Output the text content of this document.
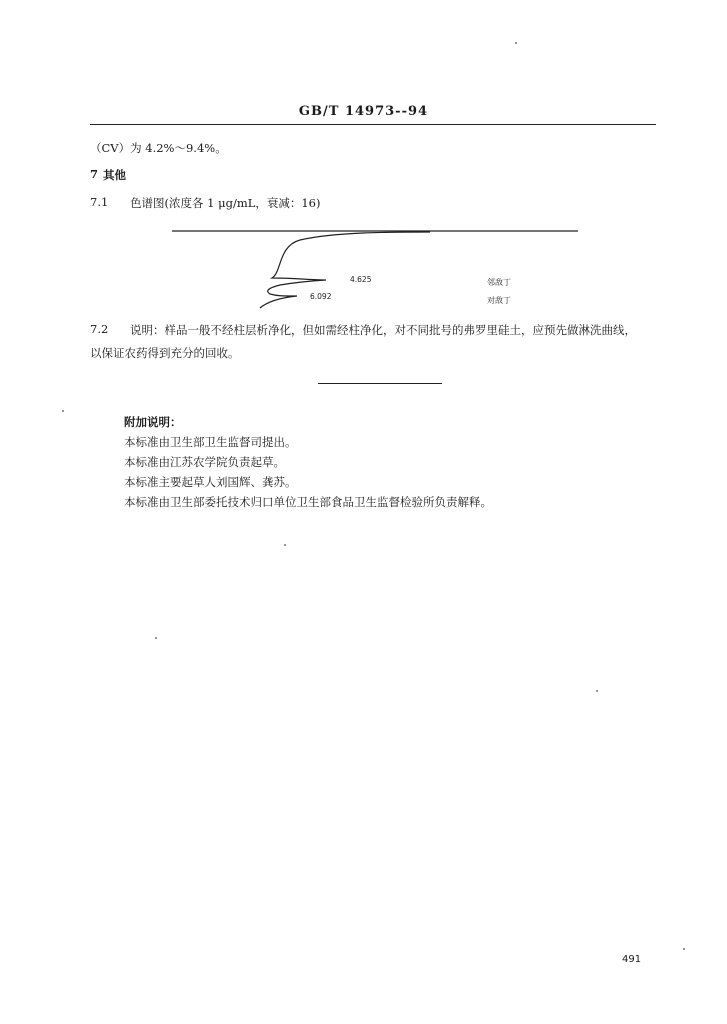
GB/T 14973--94
（CV）为 4.2%～9.4%。
7 其他
7.1 色谱图(浓度各 1 μg/mL，衰减：16)
4.625
6.092
邻敌丁
对敌丁
7.2 说明：样品一般不经柱层析净化，但如需经柱净化，对不同批号的弗罗里硅土，应预先做淋洗曲线，
以保证农药得到充分的回收。
附加说明：
本标准由卫生部卫生监督司提出。
本标准由江苏农学院负责起草。
本标准主要起草人刘国辉、龚苏。
本标准由卫生部委托技术归口单位卫生部食品卫生监督检验所负责解释。
491
